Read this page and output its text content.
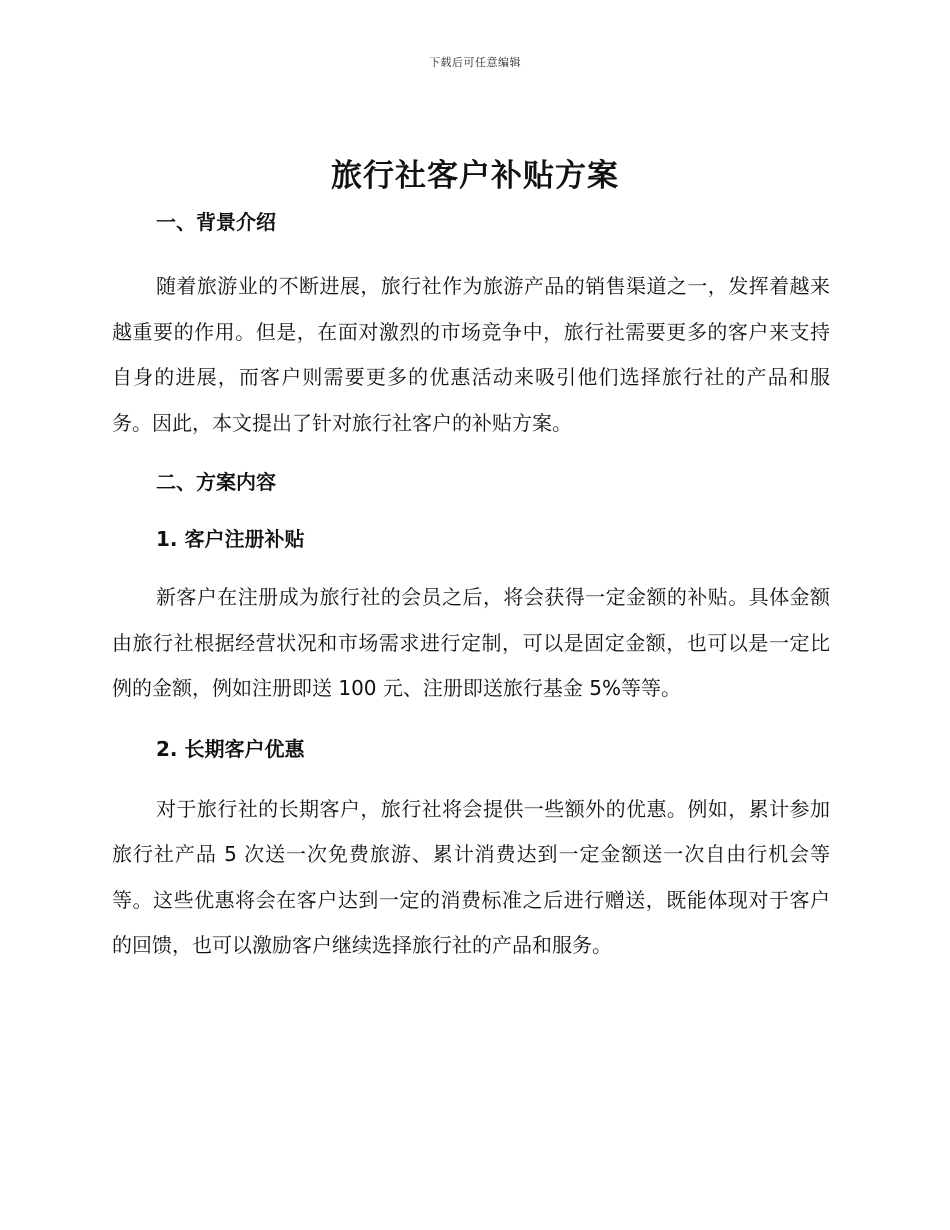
下载后可任意编辑
旅行社客户补贴方案

一、背景介绍

随着旅游业的不断进展，旅行社作为旅游产品的销售渠道之一，发挥着越来越重要的作用。但是，在面对激烈的市场竞争中，旅行社需要更多的客户来支持自身的进展，而客户则需要更多的优惠活动来吸引他们选择旅行社的产品和服务。因此，本文提出了针对旅行社客户的补贴方案。

二、方案内容

1. 客户注册补贴

新客户在注册成为旅行社的会员之后，将会获得一定金额的补贴。具体金额由旅行社根据经营状况和市场需求进行定制，可以是固定金额，也可以是一定比例的金额，例如注册即送 100 元、注册即送旅行基金 5%等等。

2. 长期客户优惠

对于旅行社的长期客户，旅行社将会提供一些额外的优惠。例如，累计参加旅行社产品 5 次送一次免费旅游、累计消费达到一定金额送一次自由行机会等等。这些优惠将会在客户达到一定的消费标准之后进行赠送，既能体现对于客户的回馈，也可以激励客户继续选择旅行社的产品和服务。
